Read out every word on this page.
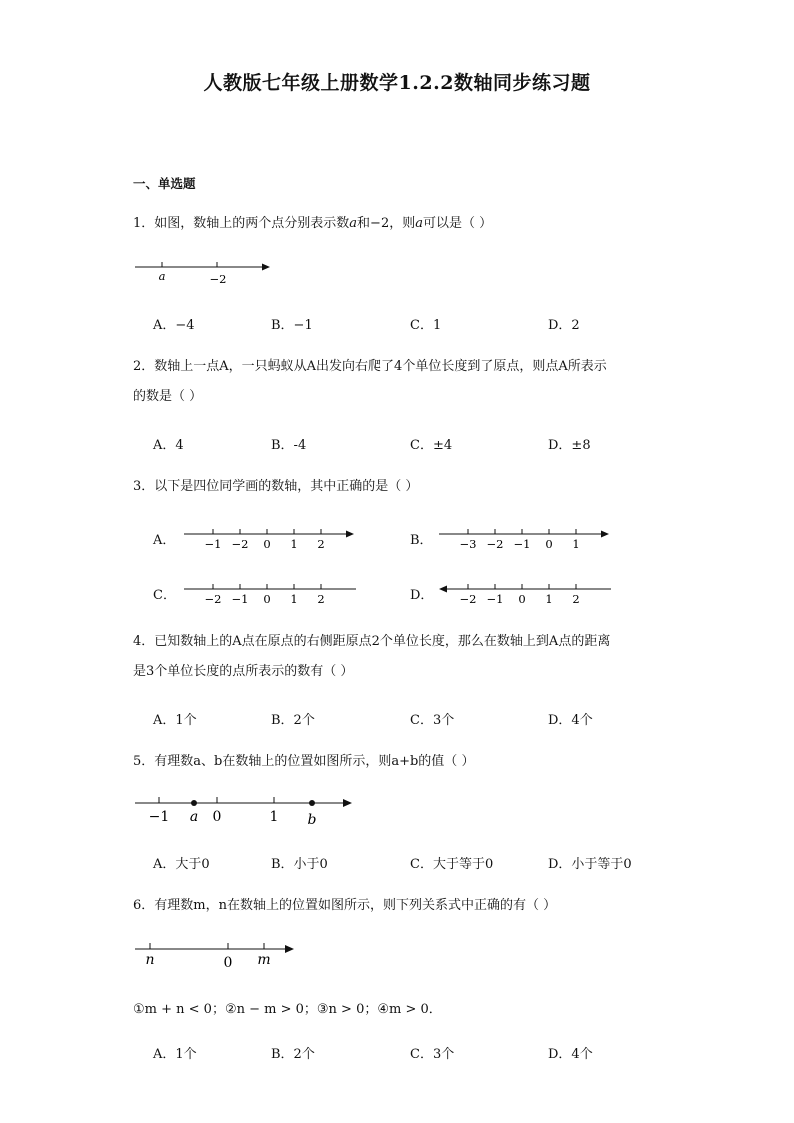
人教版七年级上册数学1.2.2数轴同步练习题
一、单选题
1．如图，数轴上的两个点分别表示数a和−2，则a可以是（ ）
a	−2
A．−4	B．−1	C．1	D．2
2．数轴上一点A，一只蚂蚁从A出发向右爬了4个单位长度到了原点，则点A所表示
的数是（ ）
A．4	B．-4	C．±4	D．±8
3．以下是四位同学画的数轴，其中正确的是（ ）
A．	−1 −2 0 1 2	B． −3 −2 −1 0 1
C． −2 −1 0 1 2	D． −2 −1 0 1 2
4．已知数轴上的A点在原点的右侧距原点2个单位长度，那么在数轴上到A点的距离
是3个单位长度的点所表示的数有（ ）
A．1个	B．2个	C．3个	D．4个
5．有理数a、b在数轴上的位置如图所示，则a+b的值（ ）
−1 a 0	1 b
A．大于0	B．小于0	C．大于等于0	D．小于等于0
6．有理数m，n在数轴上的位置如图所示，则下列关系式中正确的有（ ）
n	0 m
①m + n < 0；②n − m > 0；③n > 0；④m > 0．
A．1个	B．2个	C．3个	D．4个
